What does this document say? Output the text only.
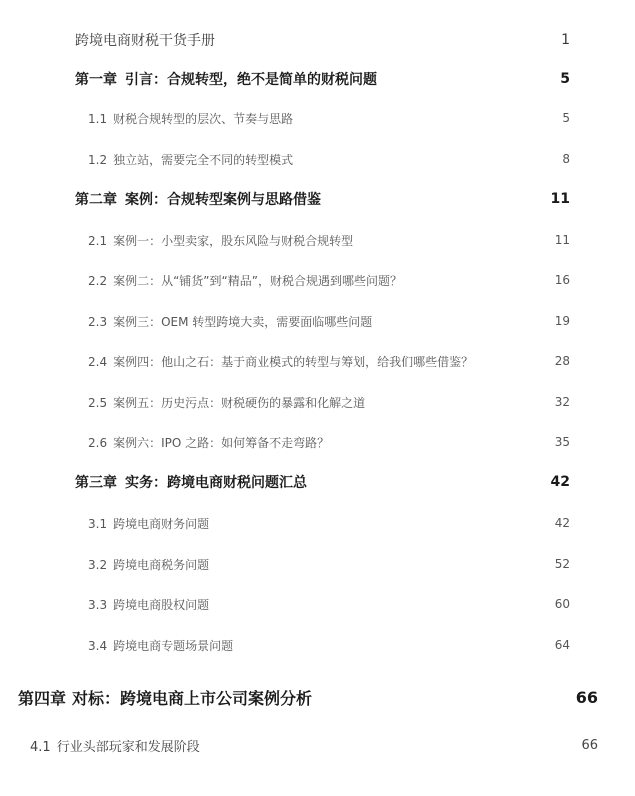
跨境电商财税干货手册	1
第一章 引言：合规转型，绝不是简单的财税问题	5
1.1 财税合规转型的层次、节奏与思路	5
1.2 独立站，需要完全不同的转型模式	8
第二章 案例：合规转型案例与思路借鉴	11
2.1 案例一：小型卖家，股东风险与财税合规转型	11
2.2 案例二：从“铺货”到“精品”，财税合规遇到哪些问题？	16
2.3 案例三：OEM 转型跨境大卖，需要面临哪些问题	19
2.4 案例四：他山之石：基于商业模式的转型与筹划，给我们哪些借鉴？	28
2.5 案例五：历史污点：财税硬伤的暴露和化解之道	32
2.6 案例六：IPO 之路：如何筹备不走弯路？	35
第三章 实务：跨境电商财税问题汇总	42
3.1 跨境电商财务问题	42
3.2 跨境电商税务问题	52
3.3 跨境电商股权问题	60
3.4 跨境电商专题场景问题	64
第四章 对标：跨境电商上市公司案例分析	66
4.1 行业头部玩家和发展阶段	66
